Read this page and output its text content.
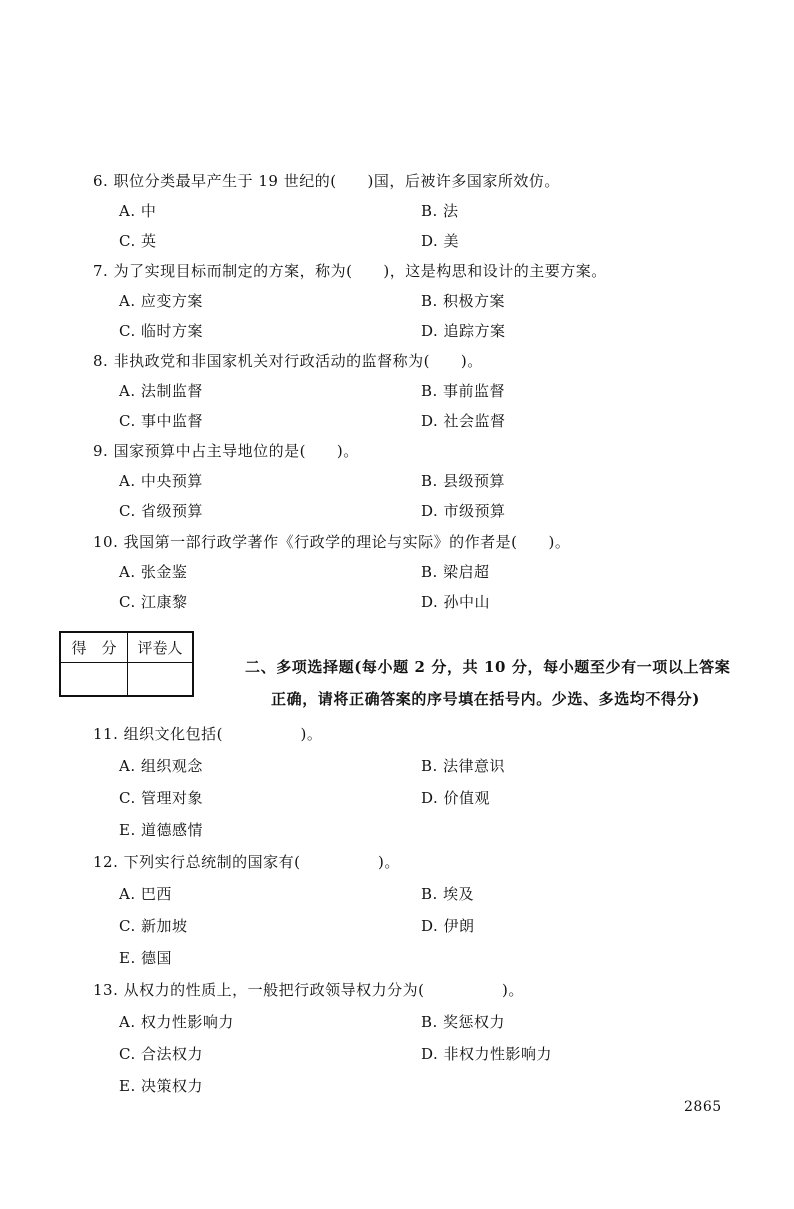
6. 职位分类最早产生于 19 世纪的(　　)国，后被许多国家所效仿。
A. 中	B. 法
C. 英	D. 美
7. 为了实现目标而制定的方案，称为(　　)，这是构思和设计的主要方案。
A. 应变方案	B. 积极方案
C. 临时方案	D. 追踪方案
8. 非执政党和非国家机关对行政活动的监督称为(　　)。
A. 法制监督	B. 事前监督
C. 事中监督	D. 社会监督
9. 国家预算中占主导地位的是(　　)。
A. 中央预算	B. 县级预算
C. 省级预算	D. 市级预算
10. 我国第一部行政学著作《行政学的理论与实际》的作者是(　　)。
A. 张金鉴	B. 梁启超
C. 江康黎	D. 孙中山
得　分	评卷人
二、多项选择题(每小题 2 分，共 10 分，每小题至少有一项以上答案
正确，请将正确答案的序号填在括号内。少选、多选均不得分)
11. 组织文化包括(　　　　　)。
A. 组织观念	B. 法律意识
C. 管理对象	D. 价值观
E. 道德感情
12. 下列实行总统制的国家有(　　　　　)。
A. 巴西	B. 埃及
C. 新加坡	D. 伊朗
E. 德国
13. 从权力的性质上，一般把行政领导权力分为(　　　　　)。
A. 权力性影响力	B. 奖惩权力
C. 合法权力	D. 非权力性影响力
E. 决策权力
2865
